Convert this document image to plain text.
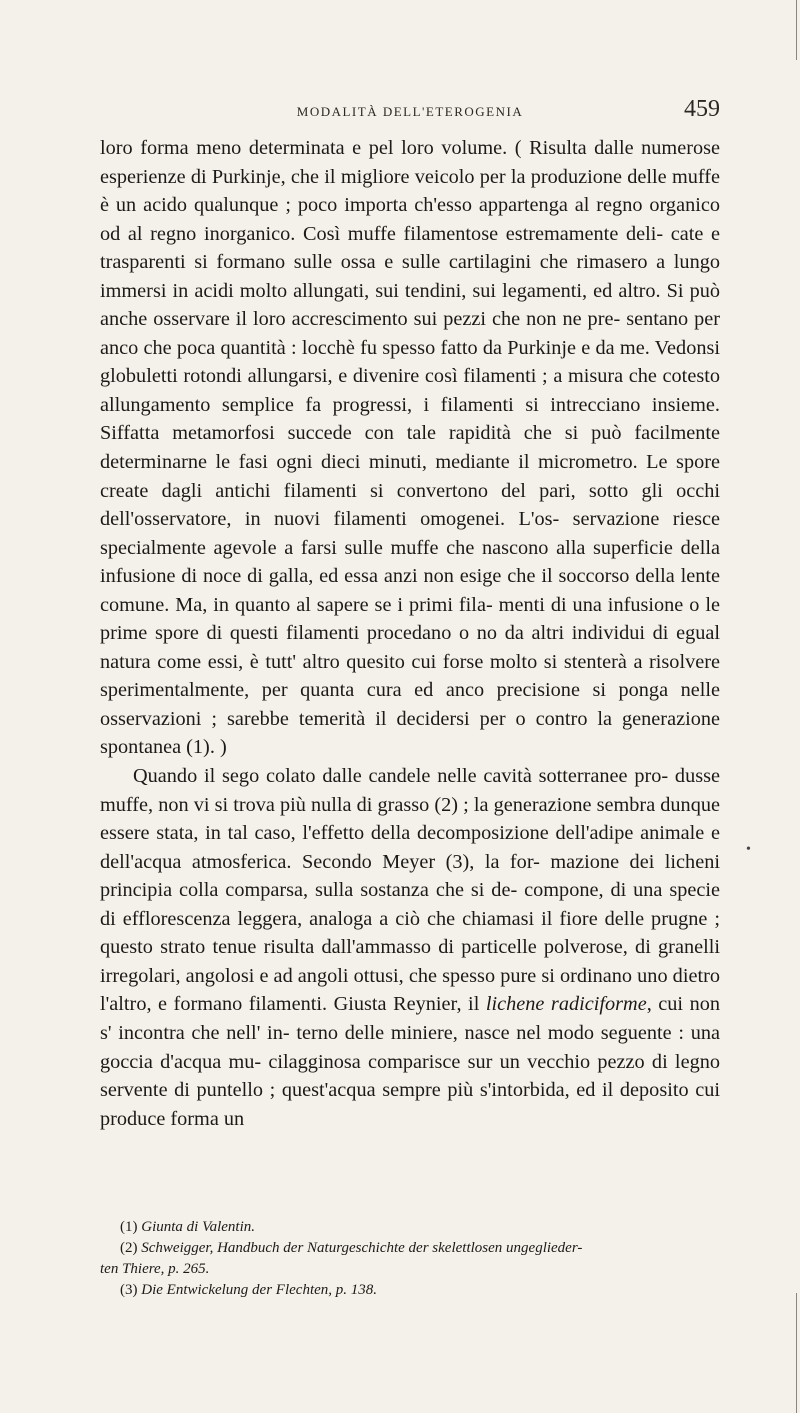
MODALITÀ DELL'ETEROGENIA	459

loro forma meno determinata e pel loro volume. ( Risulta dalle numerose esperienze di Purkinje, che il migliore veicolo per la produzione delle muffe è un acido qualunque ; poco importa ch'esso appartenga al regno organico od al regno inorganico. Così muffe filamentose estremamente deli- cate e trasparenti si formano sulle ossa e sulle cartilagini che rimasero a lungo immersi in acidi molto allungati, sui tendini, sui legamenti, ed altro. Si può anche osservare il loro accrescimento sui pezzi che non ne pre- sentano per anco che poca quantità : locchè fu spesso fatto da Purkinje e da me. Vedonsi globuletti rotondi allungarsi, e divenire così filamenti ; a misura che cotesto allungamento semplice fa progressi, i filamenti si intrecciano insieme. Siffatta metamorfosi succede con tale rapidità che si può facilmente determinarne le fasi ogni dieci minuti, mediante il micrometro. Le spore create dagli antichi filamenti si convertono del pari, sotto gli occhi dell'osservatore, in nuovi filamenti omogenei. L'os- servazione riesce specialmente agevole a farsi sulle muffe che nascono alla superficie della infusione di noce di galla, ed essa anzi non esige che il soccorso della lente comune. Ma, in quanto al sapere se i primi fila- menti di una infusione o le prime spore di questi filamenti procedano o no da altri individui di egual natura come essi, è tutt' altro quesito cui forse molto si stenterà a risolvere sperimentalmente, per quanta cura ed anco precisione si ponga nelle osservazioni ; sarebbe temerità il decidersi per o contro la generazione spontanea (1). )

Quando il sego colato dalle candele nelle cavità sotterranee pro- dusse muffe, non vi si trova più nulla di grasso (2) ; la generazione sembra dunque essere stata, in tal caso, l'effetto della decomposizione dell'adipe animale e dell'acqua atmosferica. Secondo Meyer (3), la for- mazione dei licheni principia colla comparsa, sulla sostanza che si de- compone, di una specie di efflorescenza leggera, analoga a ciò che chiamasi il fiore delle prugne ; questo strato tenue risulta dall'ammasso di particelle polverose, di granelli irregolari, angolosi e ad angoli ottusi, che spesso pure si ordinano uno dietro l'altro, e formano filamenti. Giusta Reynier, il lichene radiciforme, cui non s' incontra che nell' in- terno delle miniere, nasce nel modo seguente : una goccia d'acqua mu- cilagginosa comparisce sur un vecchio pezzo di legno servente di puntello ; quest'acqua sempre più s'intorbida, ed il deposito cui produce forma un

•

(1) Giunta di Valentin.

(2) Schweigger, Handbuch der Naturgeschichte der skelettlosen ungeglieder-

ten Thiere, p. 265.

(3) Die Entwickelung der Flechten, p. 138.
